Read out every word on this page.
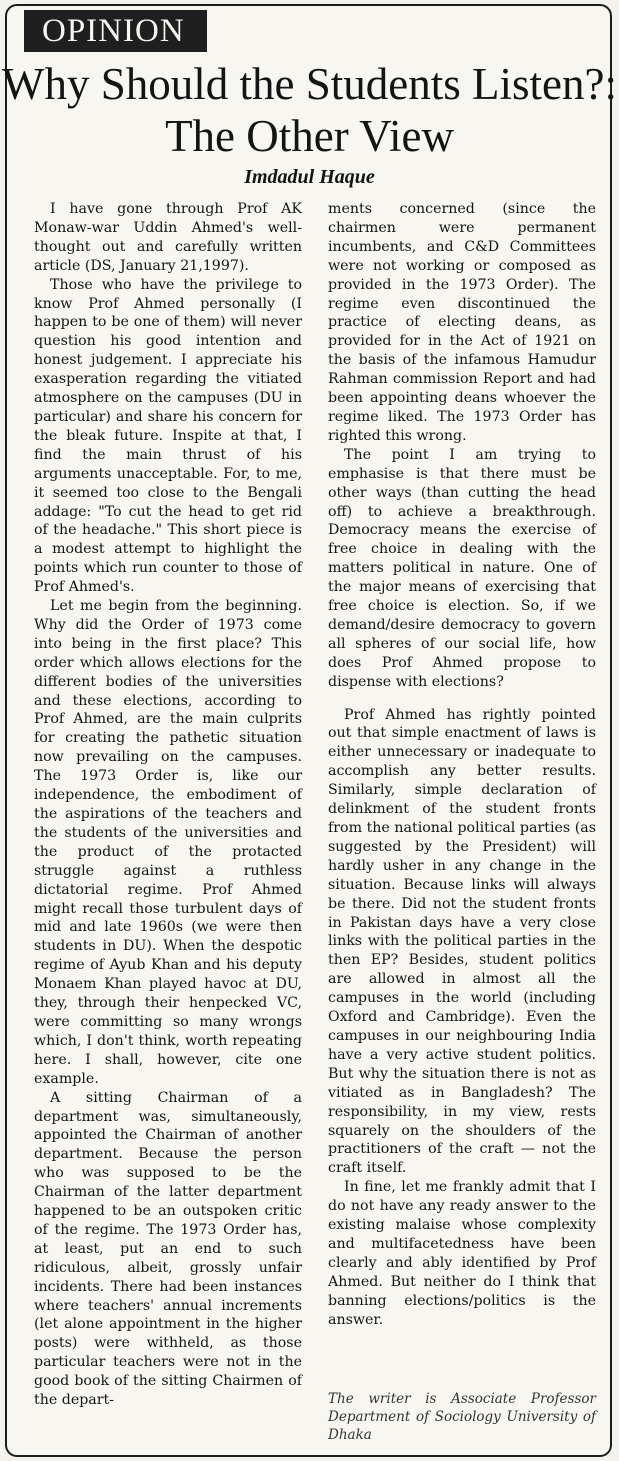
OPINION
Why Should the Students Listen?: The Other View
Imdadul Haque

I have gone through Prof AK Monaw-war Uddin Ahmed's well-thought out and carefully written article (DS, January 21,1997).

Those who have the privilege to know Prof Ahmed personally (I happen to be one of them) will never question his good intention and honest judgement. I appreciate his exasperation regarding the vitiated atmosphere on the campuses (DU in particular) and share his concern for the bleak future. Inspite at that, I find the main thrust of his arguments unacceptable. For, to me, it seemed too close to the Bengali addage: "To cut the head to get rid of the headache." This short piece is a modest attempt to highlight the points which run counter to those of Prof Ahmed's.

Let me begin from the beginning. Why did the Order of 1973 come into being in the first place? This order which allows elections for the different bodies of the universities and these elections, according to Prof Ahmed, are the main culprits for creating the pathetic situation now prevailing on the campuses. The 1973 Order is, like our independence, the embodiment of the aspirations of the teachers and the students of the universities and the product of the protacted struggle against a ruthless dictatorial regime. Prof Ahmed might recall those turbulent days of mid and late 1960s (we were then students in DU). When the despotic regime of Ayub Khan and his deputy Monaem Khan played havoc at DU, they, through their henpecked VC, were committing so many wrongs which, I don't think, worth repeating here. I shall, however, cite one example.

A sitting Chairman of a department was, simultaneously, appointed the Chairman of another department. Because the person who was supposed to be the Chairman of the latter department happened to be an outspoken critic of the regime. The 1973 Order has, at least, put an end to such ridiculous, albeit, grossly unfair incidents. There had been instances where teachers' annual increments (let alone appointment in the higher posts) were withheld, as those particular teachers were not in the good book of the sitting Chairmen of the depart-

ments concerned (since the chairmen were permanent incumbents, and C&D Committees were not working or composed as provided in the 1973 Order). The regime even discontinued the practice of electing deans, as provided for in the Act of 1921 on the basis of the infamous Hamudur Rahman commission Report and had been appointing deans whoever the regime liked. The 1973 Order has righted this wrong.

The point I am trying to emphasise is that there must be other ways (than cutting the head off) to achieve a breakthrough. Democracy means the exercise of free choice in dealing with the matters political in nature. One of the major means of exercising that free choice is election. So, if we demand/desire democracy to govern all spheres of our social life, how does Prof Ahmed propose to dispense with elections?

Prof Ahmed has rightly pointed out that simple enactment of laws is either unnecessary or inadequate to accomplish any better results. Similarly, simple declaration of delinkment of the student fronts from the national political parties (as suggested by the President) will hardly usher in any change in the situation. Because links will always be there. Did not the student fronts in Pakistan days have a very close links with the political parties in the then EP? Besides, student politics are allowed in almost all the campuses in the world (including Oxford and Cambridge). Even the campuses in our neighbouring India have a very active student politics. But why the situation there is not as vitiated as in Bangladesh? The responsibility, in my view, rests squarely on the shoulders of the practitioners of the craft — not the craft itself.

In fine, let me frankly admit that I do not have any ready answer to the existing malaise whose complexity and multifacetedness have been clearly and ably identified by Prof Ahmed. But neither do I think that banning elections/politics is the answer.

The writer is Associate Professor Department of Sociology University of Dhaka
